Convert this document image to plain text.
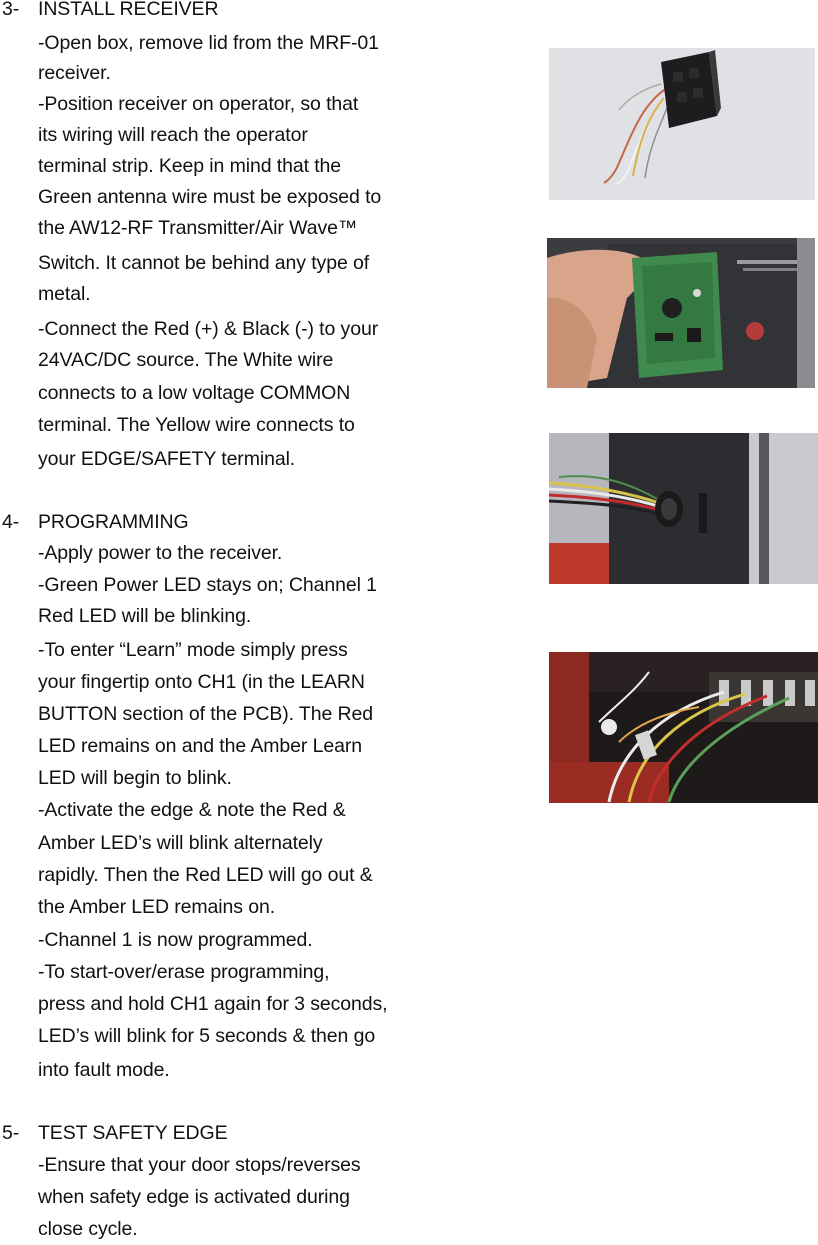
3- INSTALL RECEIVER
-Open box, remove lid from the MRF-01
receiver.
-Position receiver on operator, so that
its wiring will reach the operator
terminal strip. Keep in mind that the
Green antenna wire must be exposed to
the AW12-RF Transmitter/Air Wave™
Switch. It cannot be behind any type of
metal.
-Connect the Red (+) & Black (-) to your
24VAC/DC source. The White wire
connects to a low voltage COMMON
terminal. The Yellow wire connects to
your EDGE/SAFETY terminal.
4- PROGRAMMING
-Apply power to the receiver.
-Green Power LED stays on; Channel 1
Red LED will be blinking.
-To enter “Learn” mode simply press
your fingertip onto CH1 (in the LEARN
BUTTON section of the PCB). The Red
LED remains on and the Amber Learn
LED will begin to blink.
-Activate the edge & note the Red &
Amber LED’s will blink alternately
rapidly. Then the Red LED will go out &
the Amber LED remains on.
-Channel 1 is now programmed.
-To start-over/erase programming,
press and hold CH1 again for 3 seconds,
LED’s will blink for 5 seconds & then go
into fault mode.
5- TEST SAFETY EDGE
-Ensure that your door stops/reverses
when safety edge is activated during
close cycle.
